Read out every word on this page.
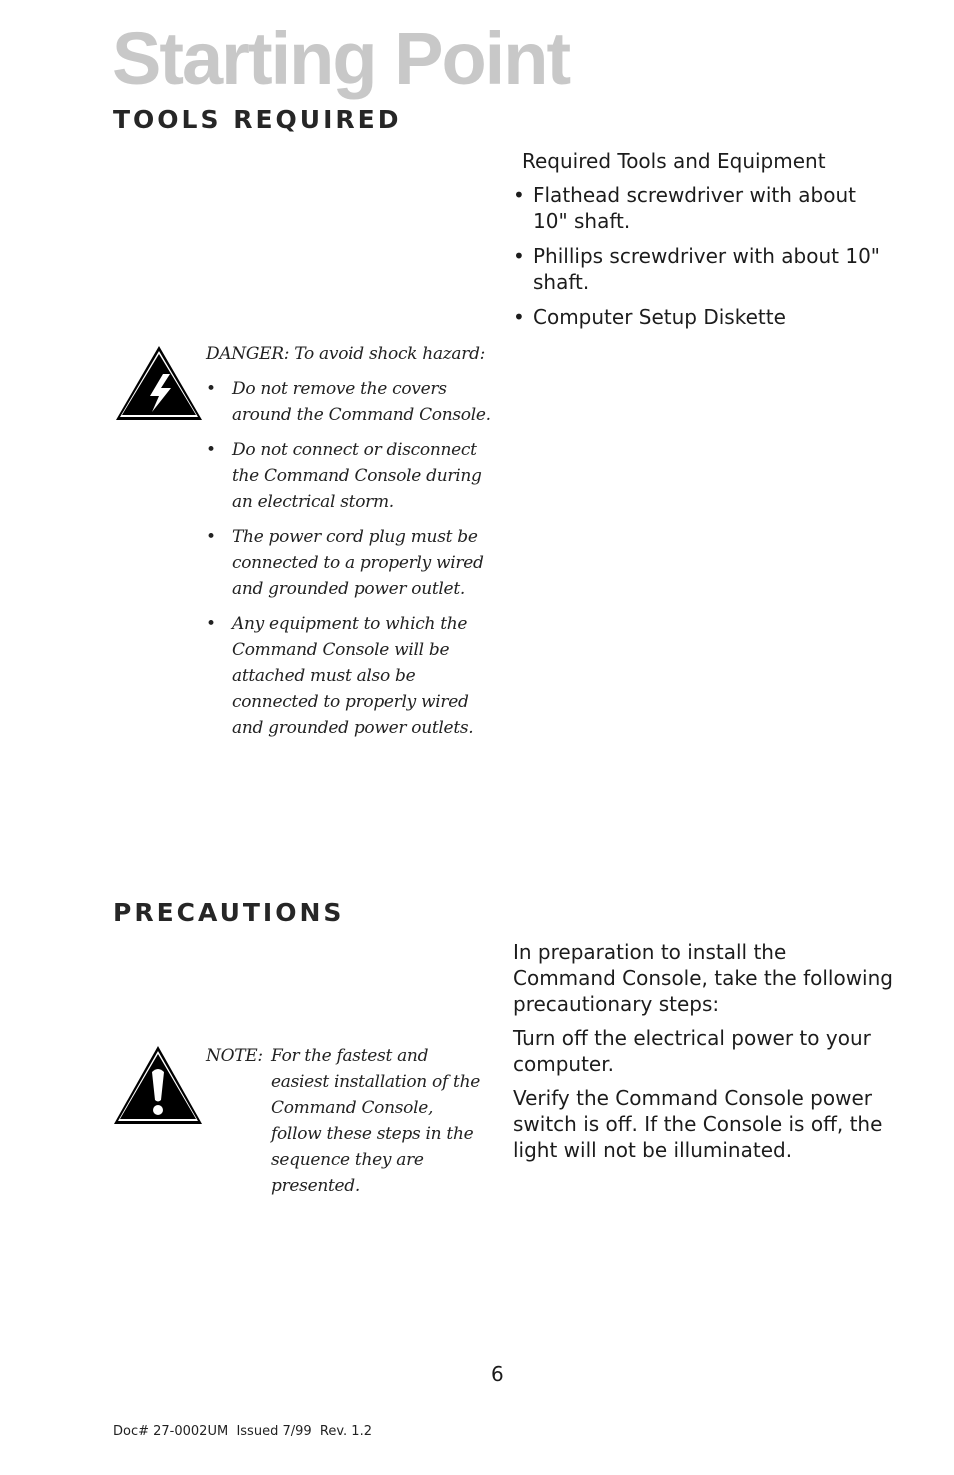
Starting Point
TOOLS REQUIRED
Required Tools and Equipment
• Flathead screwdriver with about 10" shaft.
• Phillips screwdriver with about 10" shaft.
• Computer Setup Diskette
DANGER: To avoid shock hazard:
• Do not remove the covers around the Command Console.
• Do not connect or disconnect the Command Console during an electrical storm.
• The power cord plug must be connected to a properly wired and grounded power outlet.
• Any equipment to which the Command Console will be attached must also be connected to properly wired and grounded power outlets.
PRECAUTIONS

In preparation to install the Command Console, take the following precautionary steps:

Turn off the electrical power to your computer.

Verify the Command Console power switch is off. If the Console is off, the light will not be illuminated.

NOTE: For the fastest and easiest installation of the Command Console, follow these steps in the sequence they are presented.
6
Doc# 27-0002UM  Issued 7/99  Rev. 1.2
